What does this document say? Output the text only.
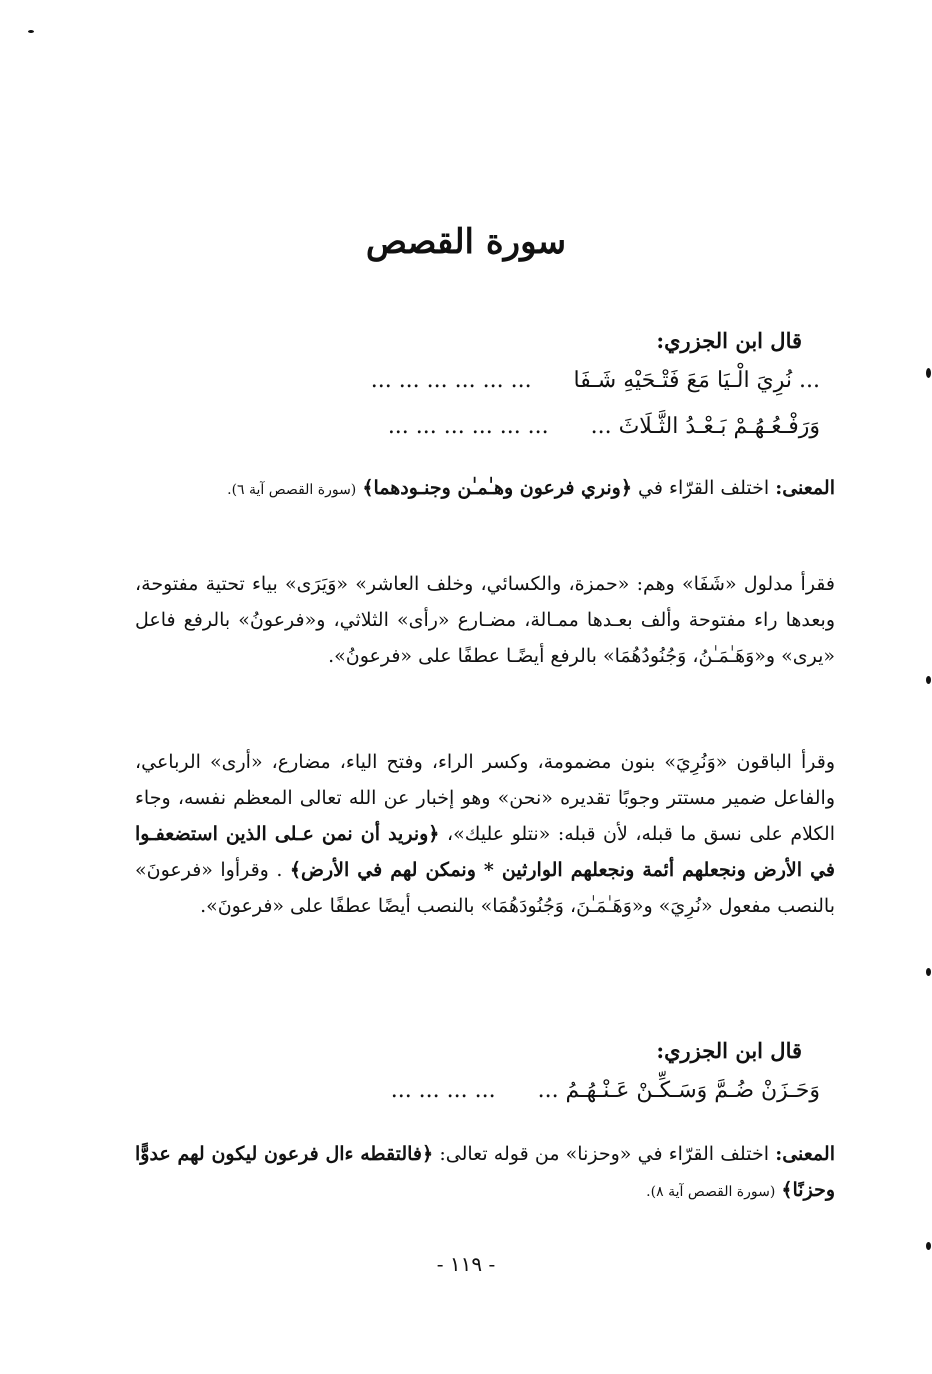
سورة القصص
قال ابن الجزري:
... نُرِيَ الْـيَا مَعَ فَتْـحَيْهِ شَـفَا      ... ... ... ... ... ...
وَرَفْـعُـهُـمْ بَـعْـدُ الثَّـلَاثَ ...      ... ... ... ... ... ...
المعنى: اختلف القرّاء في ﴿ونري فرعون وهـٰمـٰن وجنـودهما﴾ (سورة القصص آية ٦).
فقرأ مدلول «شَفَا» وهم: «حمزة، والكسائي، وخلف العاشر» «وَيَرَى» بياء تحتية مفتوحة، وبعدها راء مفتوحة وألف بعـدها ممـالة، مضـارع «رأى» الثلاثي، و«فرعونُ» بالرفع فاعل «يرى» و«وَهَـٰمَـٰنُ، وَجُنُودُهُمَا» بالرفع أيضًـا عطفًا على «فرعونُ».
وقرأ الباقون «وَنُرِيَ» بنون مضمومة، وكسر الراء، وفتح الياء، مضارع، «أرى» الرباعي، والفاعل ضمير مستتر وجوبًا تقديره «نحن» وهو إخبار عن الله تعالى المعظم نفسه، وجاء الكلام على نسق ما قبله، لأن قبله: «نتلو عليك»، ﴿ونريد أن نمن عـلى الذين استضعفـوا في الأرض ونجعلهم أئمة ونجعلهم الوارثين * ونمكن لهم في الأرض﴾ . وقرأوا «فرعونَ» بالنصب مفعول «نُرِيَ» و«وَهَـٰمَـٰنَ، وَجُنُودَهُمَا» بالنصب أيضًا عطفًا على «فرعونَ».
قال ابن الجزري:
وَحَـزَنْ ضُـمَّ وَسَـكِّـنْ عَـنْـهُـمُ ...      ... ... ... ...
المعنى: اختلف القرّاء في «وحزنا» من قوله تعالى: ﴿فالتقطه ءال فرعون ليكون لهم عدوًّا وحزنًا﴾ (سورة القصص آية ٨).
- ١١٩ -
